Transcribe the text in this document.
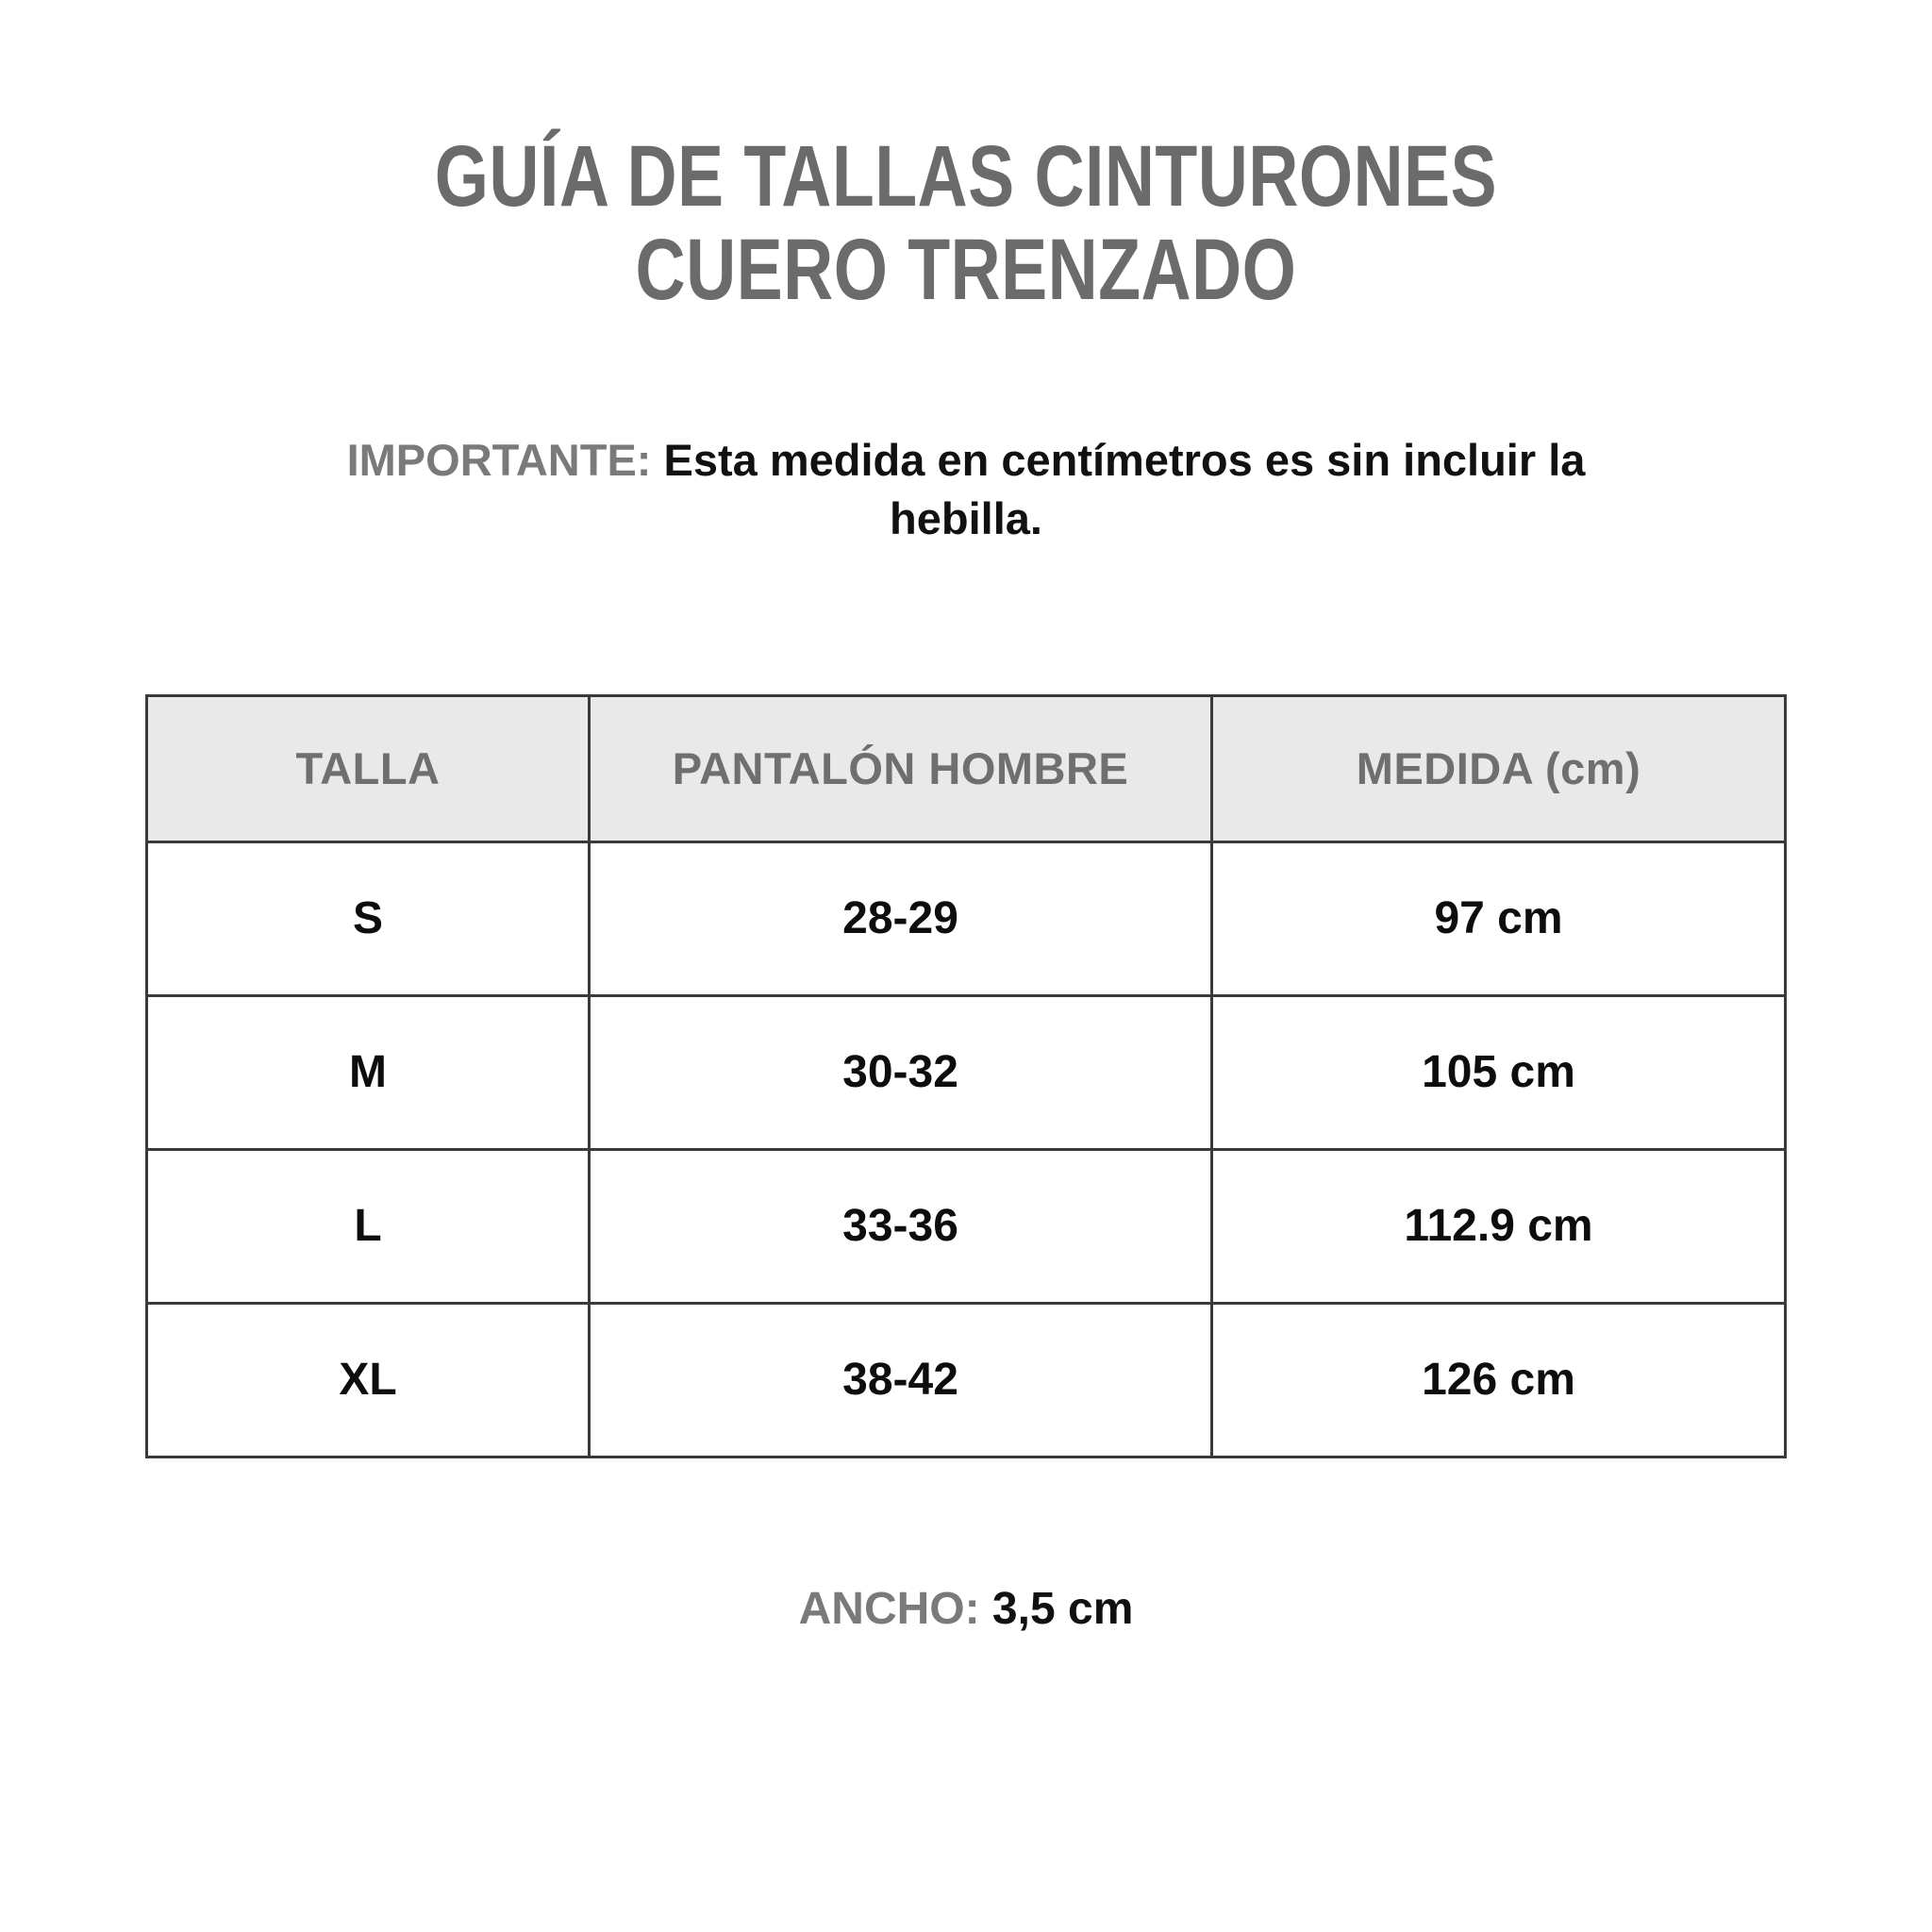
GUÍA DE TALLAS CINTURONES
CUERO TRENZADO

IMPORTANTE: Esta medida en centímetros es sin incluir la hebilla.

TALLA	PANTALÓN HOMBRE	MEDIDA (cm)
S	28-29	97 cm
M	30-32	105 cm
L	33-36	112.9 cm
XL	38-42	126 cm

ANCHO: 3,5 cm
